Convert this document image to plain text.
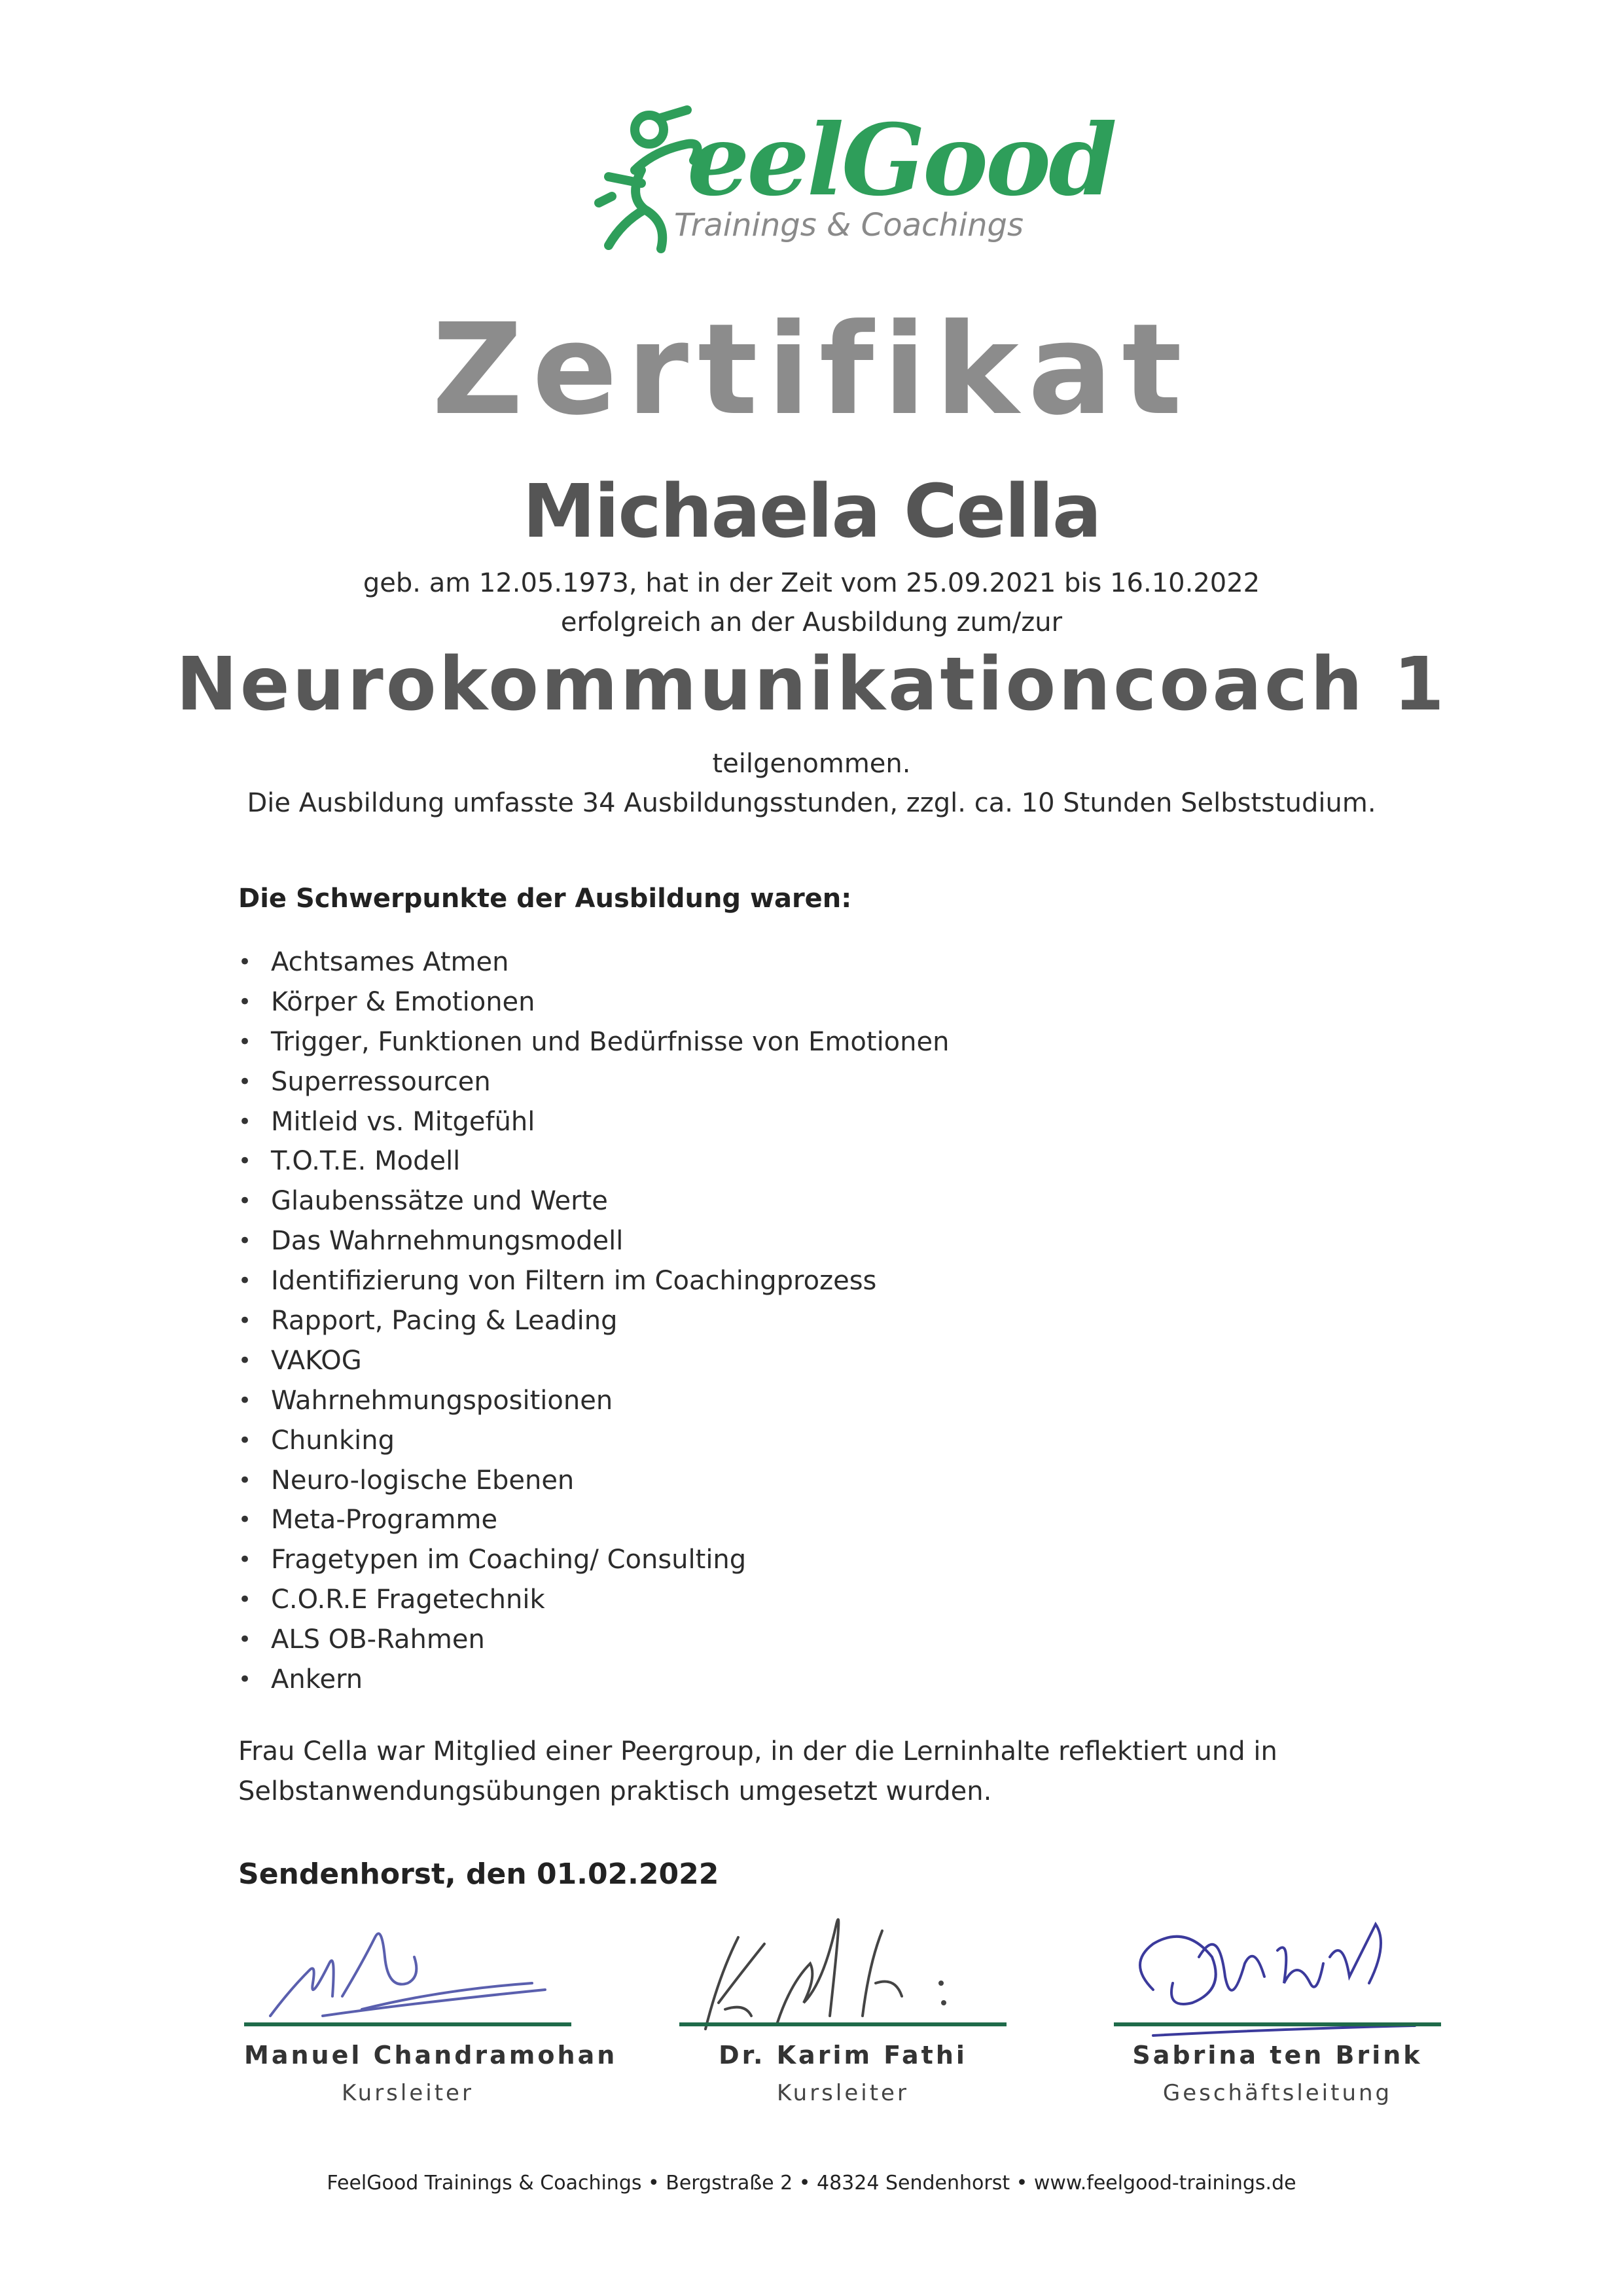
eelGood
Trainings & Coachings
Zertifikat
Michaela Cella
geb. am 12.05.1973, hat in der Zeit vom 25.09.2021 bis 16.10.2022
erfolgreich an der Ausbildung zum/zur
Neurokommunikationcoach 1
teilgenommen.
Die Ausbildung umfasste 34 Ausbildungsstunden, zzgl. ca. 10 Stunden Selbststudium.
Die Schwerpunkte der Ausbildung waren:
• Achtsames Atmen
• Körper & Emotionen
• Trigger, Funktionen und Bedürfnisse von Emotionen
• Superressourcen
• Mitleid vs. Mitgefühl
• T.O.T.E. Modell
• Glaubenssätze und Werte
• Das Wahrnehmungsmodell
• Identifizierung von Filtern im Coachingprozess
• Rapport, Pacing & Leading
• VAKOG
• Wahrnehmungspositionen
• Chunking
• Neuro-logische Ebenen
• Meta-Programme
• Fragetypen im Coaching/ Consulting
• C.O.R.E Fragetechnik
• ALS OB-Rahmen
• Ankern
Frau Cella war Mitglied einer Peergroup, in der die Lerninhalte reflektiert und in Selbstanwendungsübungen praktisch umgesetzt wurden.
Sendenhorst, den 01.02.2022
Manuel Chandramohan
Kursleiter
Dr. Karim Fathi
Kursleiter
Sabrina ten Brink
Geschäftsleitung
FeelGood Trainings & Coachings • Bergstraße 2 • 48324 Sendenhorst • www.feelgood-trainings.de
